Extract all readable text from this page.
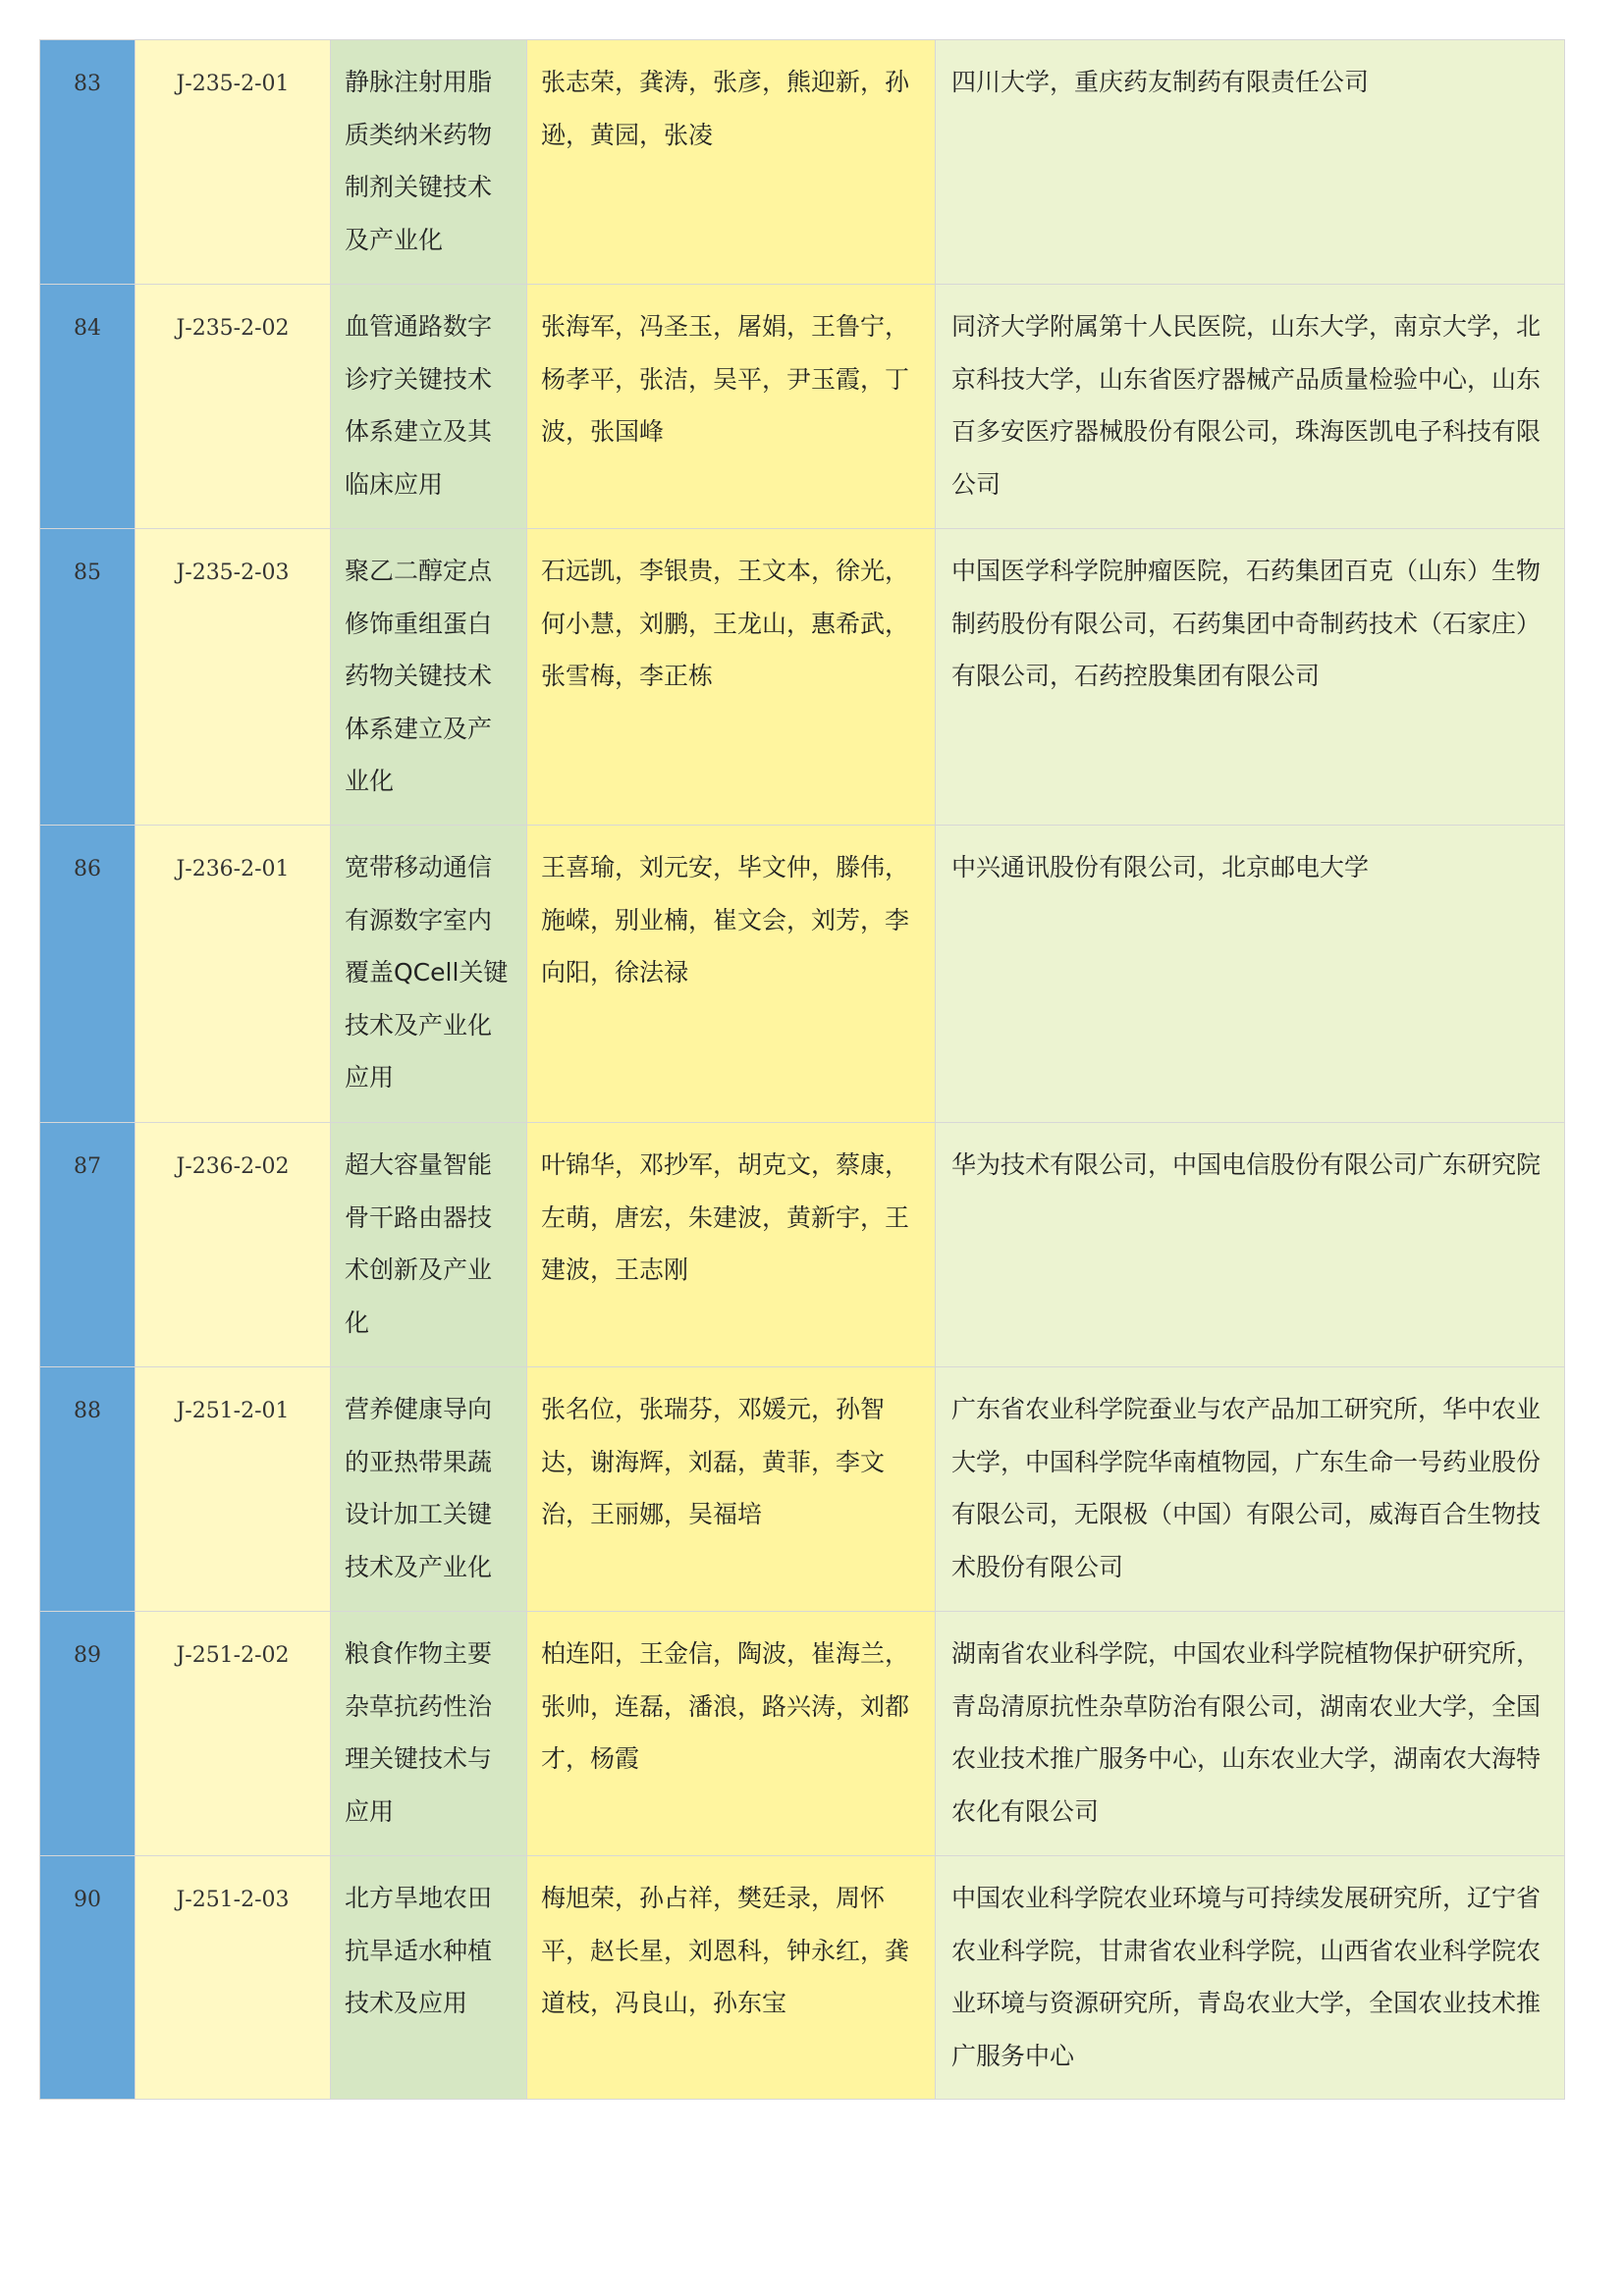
83	J-235-2-01	静脉注射用脂质类纳米药物制剂关键技术及产业化	张志荣，龚涛，张彦，熊迎新，孙逊，黄园，张凌	四川大学，重庆药友制药有限责任公司
84	J-235-2-02	血管通路数字诊疗关键技术体系建立及其临床应用	张海军，冯圣玉，屠娟，王鲁宁，杨孝平，张洁，吴平，尹玉霞，丁波，张国峰	同济大学附属第十人民医院，山东大学，南京大学，北京科技大学，山东省医疗器械产品质量检验中心，山东百多安医疗器械股份有限公司，珠海医凯电子科技有限公司
85	J-235-2-03	聚乙二醇定点修饰重组蛋白药物关键技术体系建立及产业化	石远凯，李银贵，王文本，徐光，何小慧，刘鹏，王龙山，惠希武，张雪梅，李正栋	中国医学科学院肿瘤医院，石药集团百克（山东）生物制药股份有限公司，石药集团中奇制药技术（石家庄）有限公司，石药控股集团有限公司
86	J-236-2-01	宽带移动通信有源数字室内覆盖QCell关键技术及产业化应用	王喜瑜，刘元安，毕文仲，滕伟，施嵘，别业楠，崔文会，刘芳，李向阳，徐法禄	中兴通讯股份有限公司，北京邮电大学
87	J-236-2-02	超大容量智能骨干路由器技术创新及产业化	叶锦华，邓抄军，胡克文，蔡康，左萌，唐宏，朱建波，黄新宇，王建波，王志刚	华为技术有限公司，中国电信股份有限公司广东研究院
88	J-251-2-01	营养健康导向的亚热带果蔬设计加工关键技术及产业化	张名位，张瑞芬，邓媛元，孙智达，谢海辉，刘磊，黄菲，李文治，王丽娜，吴福培	广东省农业科学院蚕业与农产品加工研究所，华中农业大学，中国科学院华南植物园，广东生命一号药业股份有限公司，无限极（中国）有限公司，威海百合生物技术股份有限公司
89	J-251-2-02	粮食作物主要杂草抗药性治理关键技术与应用	柏连阳，王金信，陶波，崔海兰，张帅，连磊，潘浪，路兴涛，刘都才，杨霞	湖南省农业科学院，中国农业科学院植物保护研究所，青岛清原抗性杂草防治有限公司，湖南农业大学，全国农业技术推广服务中心，山东农业大学，湖南农大海特农化有限公司
90	J-251-2-03	北方旱地农田抗旱适水种植技术及应用	梅旭荣，孙占祥，樊廷录，周怀平，赵长星，刘恩科，钟永红，龚道枝，冯良山，孙东宝	中国农业科学院农业环境与可持续发展研究所，辽宁省农业科学院，甘肃省农业科学院，山西省农业科学院农业环境与资源研究所，青岛农业大学，全国农业技术推广服务中心
